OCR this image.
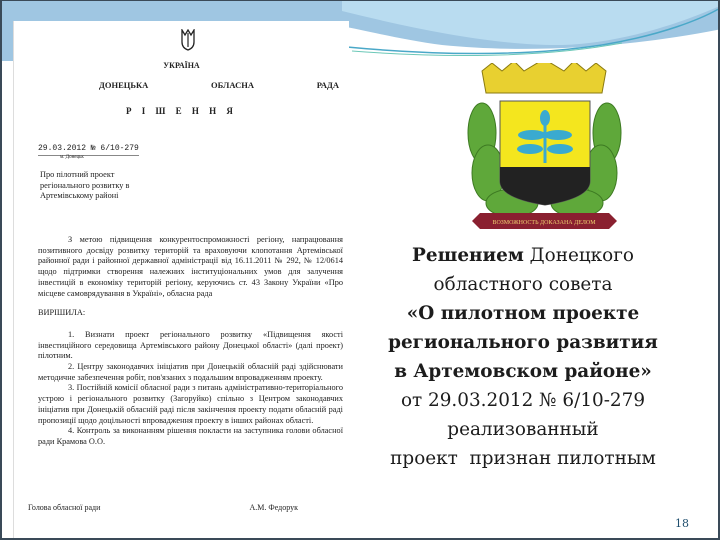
УКРАЇНА
ДОНЕЦЬКА	ОБЛАСНА	РАДА
Р І Ш Е Н Н Я
29.03.2012 № 6/10-279
м. Донецьк
Про пілотний проект регіонального розвитку в Артемівському районі

З метою підвищення конкурентоспроможності регіону, напрацювання позитивного досвіду розвитку територій та враховуючи клопотання Артемівської районної ради і районної державної адміністрації від 16.11.2011 № 292, № 12/0614 щодо підтримки створення належних інституціональних умов для залучення інвестицій в економіку територій регіону, керуючись ст. 43 Закону України «Про місцеве самоврядування в Україні», обласна рада

ВИРІШИЛА:

1. Визнати проект регіонального розвитку «Підвищення якості інвестиційного середовища Артемівського району Донецької області» (далі проект) пілотним.

2. Центру законодавчих ініціатив при Донецькій обласній раді здійснювати методичне забезпечення робіт, пов'язаних з подальшим впровадженням проекту.

3. Постійній комісії обласної ради з питань адміністративно-територіального устрою і регіонального розвитку (Загоруйко) спільно з Центром законодавчих ініціатив при Донецькій обласній раді після закінчення проекту подати обласній раді пропозиції щодо доцільності впровадження проекту в інших районах області.

4. Контроль за виконанням рішення покласти на заступника голови обласної ради Крамова О.О.

Голова обласної ради	А.М. Федорук
ВОЗМОЖНОСТЬ ДОКАЗАНА ДЕЛОМ
Решением Донецкого
областного совета
«О пилотном проекте
регионального развития
в Артемовском районе»
от 29.03.2012 № 6/10-279
реализованный
проект  признан пилотным
18
